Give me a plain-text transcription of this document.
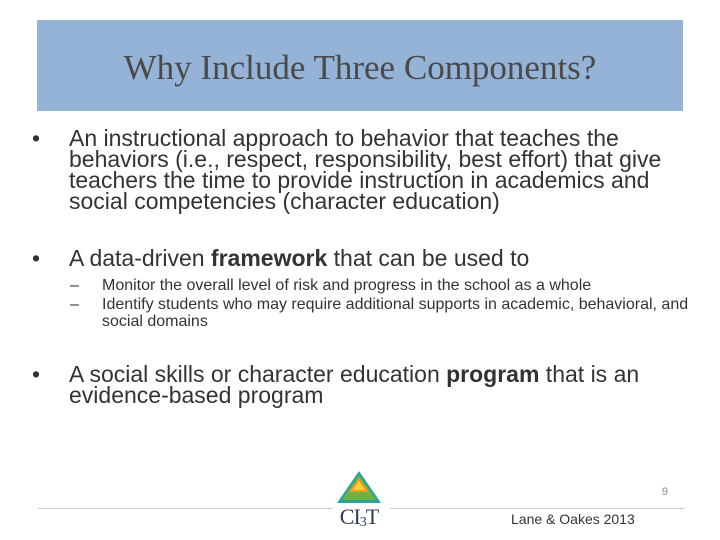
Why Include Three Components?
• An instructional approach to behavior that teaches the behaviors (i.e., respect, responsibility, best effort) that give teachers the time to provide instruction in academics and social competencies (character education)
• A data-driven framework that can be used to
– Monitor the overall level of risk and progress in the school as a whole
– Identify students who may require additional supports in academic, behavioral, and social domains
• A social skills or character education program that is an evidence-based program
9
$CI_3T$	Lane & Oakes 2013
